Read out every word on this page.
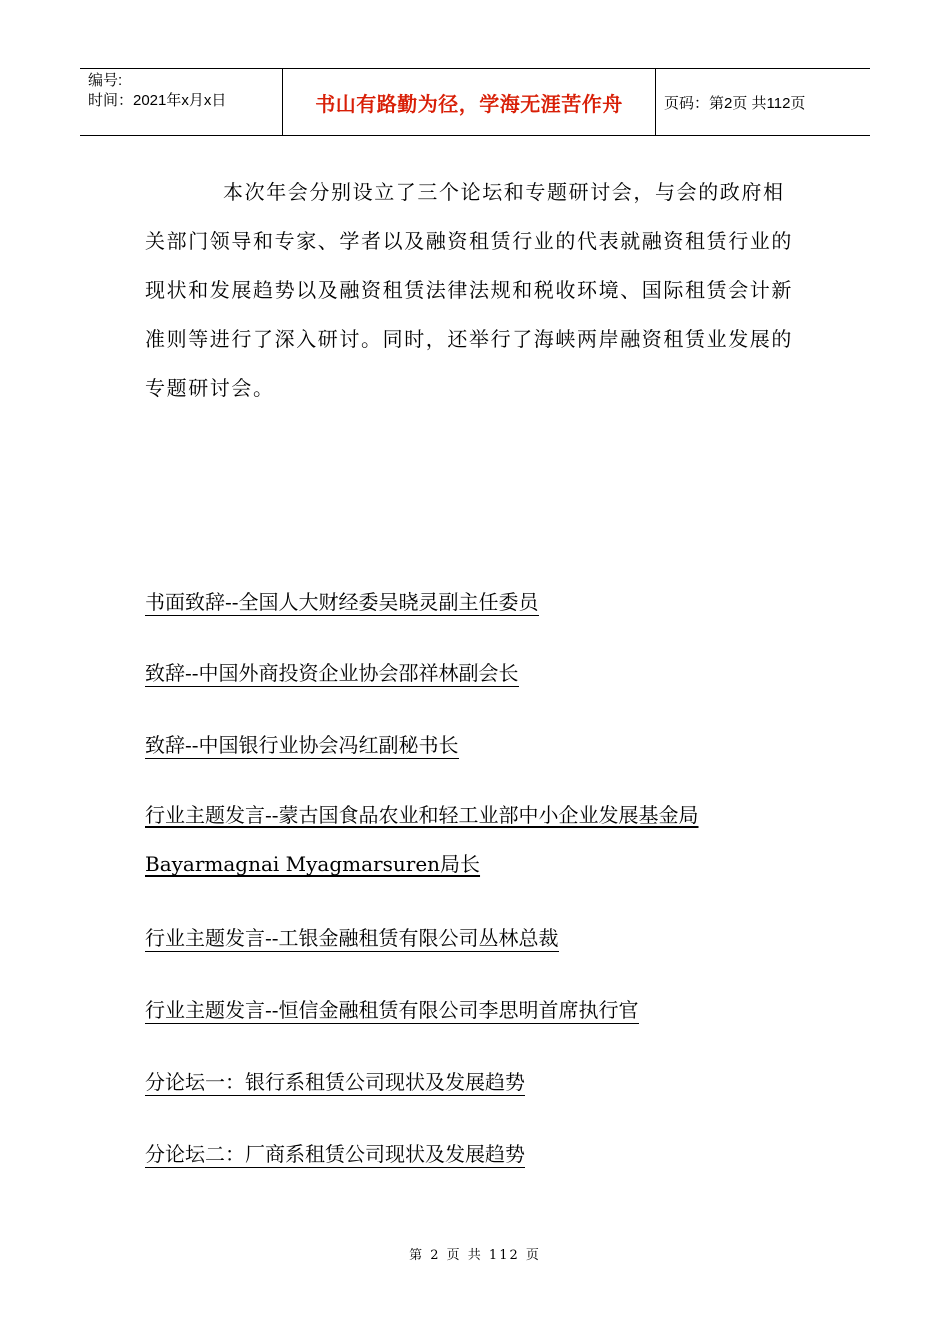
编号:
时间：2021年x月x日	书山有路勤为径，学海无涯苦作舟	页码：第2页 共112页

本次年会分别设立了三个论坛和专题研讨会，与会的政府相关部门领导和专家、学者以及融资租赁行业的代表就融资租赁行业的现状和发展趋势以及融资租赁法律法规和税收环境、国际租赁会计新准则等进行了深入研讨。同时，还举行了海峡两岸融资租赁业发展的专题研讨会。

书面致辞--全国人大财经委吴晓灵副主任委员
致辞--中国外商投资企业协会邵祥林副会长
致辞--中国银行业协会冯红副秘书长
行业主题发言--蒙古国食品农业和轻工业部中小企业发展基金局Bayarmagnai Myagmarsuren局长
行业主题发言--工银金融租赁有限公司丛林总裁
行业主题发言--恒信金融租赁有限公司李思明首席执行官
分论坛一：银行系租赁公司现状及发展趋势
分论坛二：厂商系租赁公司现状及发展趋势
第 2 页 共 112 页
